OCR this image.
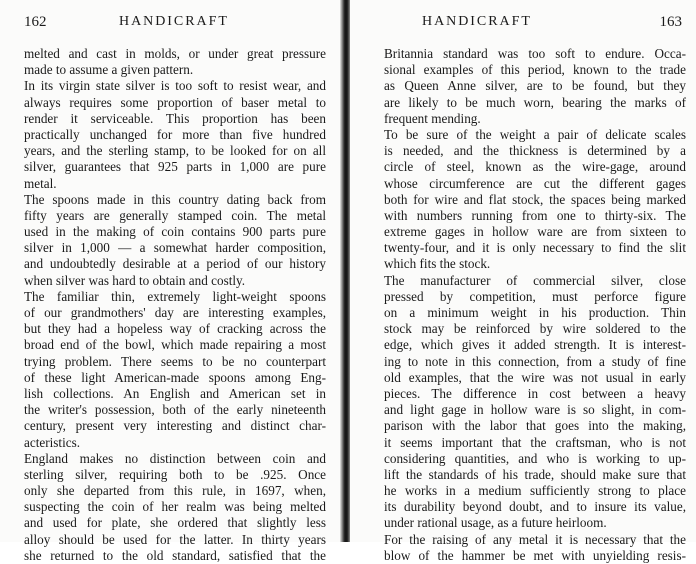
162	HANDICRAFT
melted and cast in molds, or under great pressure
made to assume a given pattern.
In its virgin state silver is too soft to resist wear, and
always requires some proportion of baser metal to
render it serviceable. This proportion has been
practically unchanged for more than five hundred
years, and the sterling stamp, to be looked for on all
silver, guarantees that 925 parts in 1,000 are pure
metal.
The spoons made in this country dating back from
fifty years are generally stamped coin. The metal
used in the making of coin contains 900 parts pure
silver in 1,000 — a somewhat harder composition,
and undoubtedly desirable at a period of our history
when silver was hard to obtain and costly.
The familiar thin, extremely light-weight spoons
of our grandmothers' day are interesting examples,
but they had a hopeless way of cracking across the
broad end of the bowl, which made repairing a most
trying problem. There seems to be no counterpart
of these light American-made spoons among Eng-
lish collections. An English and American set in
the writer's possession, both of the early nineteenth
century, present very interesting and distinct char-
acteristics.
England makes no distinction between coin and
sterling silver, requiring both to be .925. Once
only she departed from this rule, in 1697, when,
suspecting the coin of her realm was being melted
and used for plate, she ordered that slightly less
alloy should be used for the latter. In thirty years
she returned to the old standard, satisfied that the
HANDICRAFT	163
Britannia standard was too soft to endure. Occa-
sional examples of this period, known to the trade
as Queen Anne silver, are to be found, but they
are likely to be much worn, bearing the marks of
frequent mending.
To be sure of the weight a pair of delicate scales
is needed, and the thickness is determined by a
circle of steel, known as the wire-gage, around
whose circumference are cut the different gages
both for wire and flat stock, the spaces being marked
with numbers running from one to thirty-six. The
extreme gages in hollow ware are from sixteen to
twenty-four, and it is only necessary to find the slit
which fits the stock.
The manufacturer of commercial silver, close
pressed by competition, must perforce figure
on a minimum weight in his production. Thin
stock may be reinforced by wire soldered to the
edge, which gives it added strength. It is interest-
ing to note in this connection, from a study of fine
old examples, that the wire was not usual in early
pieces. The difference in cost between a heavy
and light gage in hollow ware is so slight, in com-
parison with the labor that goes into the making,
it seems important that the craftsman, who is not
considering quantities, and who is working to up-
lift the standards of his trade, should make sure that
he works in a medium sufficiently strong to place
its durability beyond doubt, and to insure its value,
under rational usage, as a future heirloom.
For the raising of any metal it is necessary that the
blow of the hammer be met with unyielding resis-
